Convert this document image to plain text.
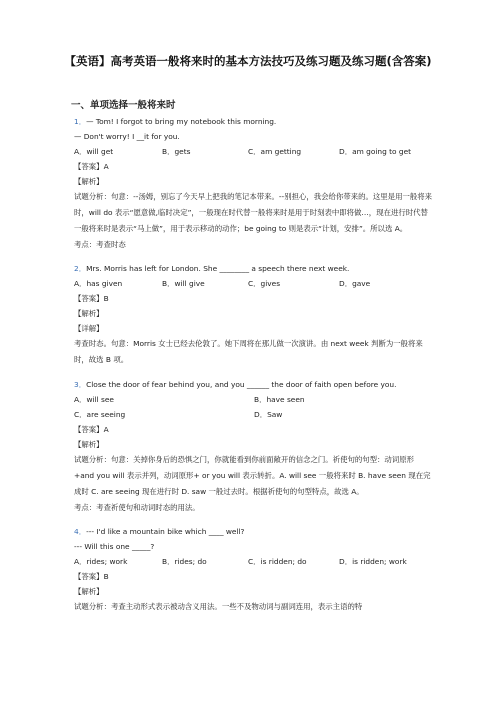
【英语】高考英语一般将来时的基本方法技巧及练习题及练习题(含答案)
一、单项选择一般将来时
1．— Tom! I forgot to bring my notebook this morning.
— Don't worry! I __it for you.
A．will get	B．gets	C．am getting	D．am going to get
【答案】A
【解析】
试题分析：句意：--汤姆，别忘了今天早上把我的笔记本带来。--别担心，我会给你带来的。这里是用一般将来时，will do 表示“愿意做,临时决定”，一般现在时代替一般将来时是用于时刻表中即将做…，现在进行时代替一般将来时是表示“马上做”，用于表示移动的动作；be going to 则是表示“计划，安排”。所以选 A。
考点：考查时态
2．Mrs. Morris has left for London. She ________ a speech there next week.
A．has given	B．will give	C．gives	D．gave
【答案】B
【解析】
【详解】
考查时态。句意：Morris 女士已经去伦敦了。她下周将在那儿做一次演讲。由 next week 判断为一般将来时，故选 B 项。
3．Close the door of fear behind you, and you ______ the door of faith open before you.
A．will see	B．have seen
C．are seeing	D．Saw
【答案】A
【解析】
试题分析：句意：关掉你身后的恐惧之门，你就能看到你前面敞开的信念之门。祈使句的句型：动词原形+and you will 表示并列，动词原形+ or you will 表示转折。A. will see 一般将来时 B. have seen 现在完成时 C. are seeing 现在进行时 D. saw 一般过去时。根据祈使句的句型特点，故选 A。
考点：考查祈使句和动词时态的用法。
4．--- I'd like a mountain bike which ____ well?
--- Will this one _____?
A．rides; work	B．rides; do	C．is ridden; do	D．is ridden; work
【答案】B
【解析】
试题分析：考查主动形式表示被动含义用法。一些不及物动词与副词连用，表示主语的特
